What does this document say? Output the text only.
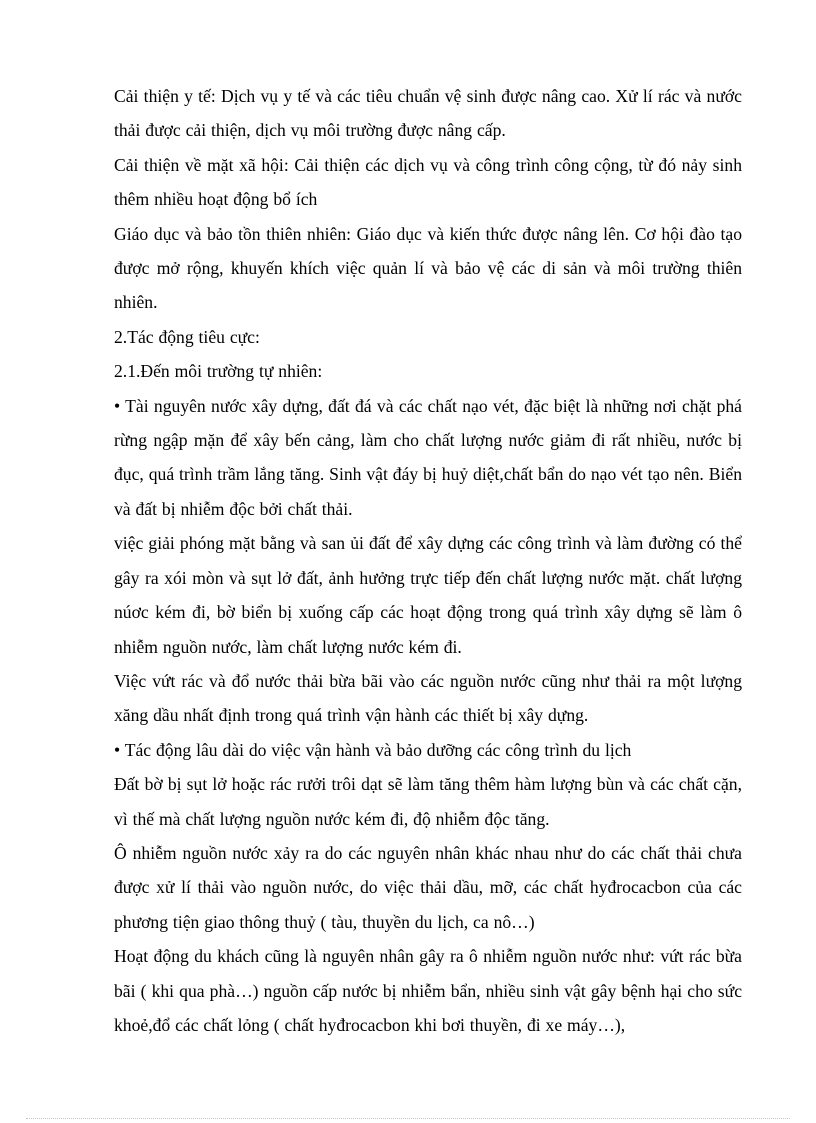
Cải thiện y tế: Dịch vụ y tế và các tiêu chuẩn vệ sinh được nâng cao. Xử lí rác và nước thải được cải thiện, dịch vụ môi trường được nâng cấp.

Cải thiện về mặt xã hội: Cải thiện các dịch vụ và công trình công cộng, từ đó nảy sinh thêm nhiều hoạt động bổ ích

Giáo dục và bảo tồn thiên nhiên: Giáo dục và kiến thức được nâng lên. Cơ hội đào tạo được mở rộng, khuyến khích việc quản lí và bảo vệ các di sản và môi trường thiên nhiên.

2.Tác động tiêu cực:

2.1.Đến môi trường tự nhiên:

• Tài nguyên nước xây dựng, đất đá và các chất nạo vét, đặc biệt là những nơi chặt phá rừng ngập mặn để xây bến cảng, làm cho chất lượng nước giảm đi rất nhiều, nước bị đục, quá trình trầm lắng tăng. Sinh vật đáy bị huỷ diệt,chất bẩn do nạo vét tạo nên. Biển và đất bị nhiễm độc bởi chất thải.

việc giải phóng mặt bằng và san ủi đất để xây dựng các công trình và làm đường có thể gây ra xói mòn và sụt lở đất, ảnh hưởng trực tiếp đến chất lượng nước mặt. chất lượng núơc kém đi, bờ biển bị xuống cấp các hoạt động trong quá trình xây dựng sẽ làm ô nhiễm nguồn nước, làm chất lượng nước kém đi.

Việc vứt rác và đổ nước thải bừa bãi vào các nguồn nước cũng như thải ra một lượng xăng dầu nhất định trong quá trình vận hành các thiết bị xây dựng.

• Tác động lâu dài do việc vận hành và bảo dưỡng các công trình du lịch

Đất bờ bị sụt lở hoặc rác rưởi trôi dạt sẽ làm tăng thêm hàm lượng bùn và các chất cặn, vì thế mà chất lượng nguồn nước kém đi, độ nhiễm độc tăng.

Ô nhiễm nguồn nước xảy ra do các nguyên nhân khác nhau như do các chất thải chưa được xử lí thải vào nguồn nước, do việc thải dầu, mỡ, các chất hyđrocacbon của các phương tiện giao thông thuỷ ( tàu, thuyền du lịch, ca nô…)

Hoạt động du khách cũng là nguyên nhân gây ra ô nhiễm nguồn nước như: vứt rác bừa bãi ( khi qua phà…) nguồn cấp nước bị nhiễm bẩn, nhiều sinh vật gây bệnh hại cho sức khoẻ,đổ các chất lỏng ( chất hyđrocacbon khi bơi thuyền, đi xe máy…),
